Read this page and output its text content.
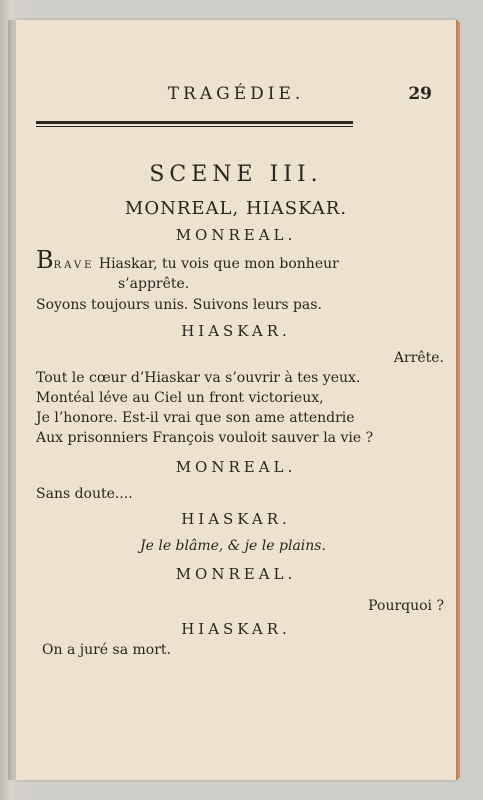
TRAGÉDIE.	29
SCENE III.
MONREAL, HIASKAR.
MONREAL.
BRAVE Hiaskar, tu vois que mon bonheur
s’apprête.
Soyons toujours unis. Suivons leurs pas.
HIASKAR.
Arrête.
Tout le cœur d’Hiaskar va s’ouvrir à tes yeux.
Montéal léve au Ciel un front victorieux,
Je l’honore. Est-il vrai que son ame attendrie
Aux prisonniers François vouloit sauver la vie ?
MONREAL.
Sans doute....
HIASKAR.
Je le blâme, & je le plains.
MONREAL.
Pourquoi ?
HIASKAR.
On a juré sa mort.
